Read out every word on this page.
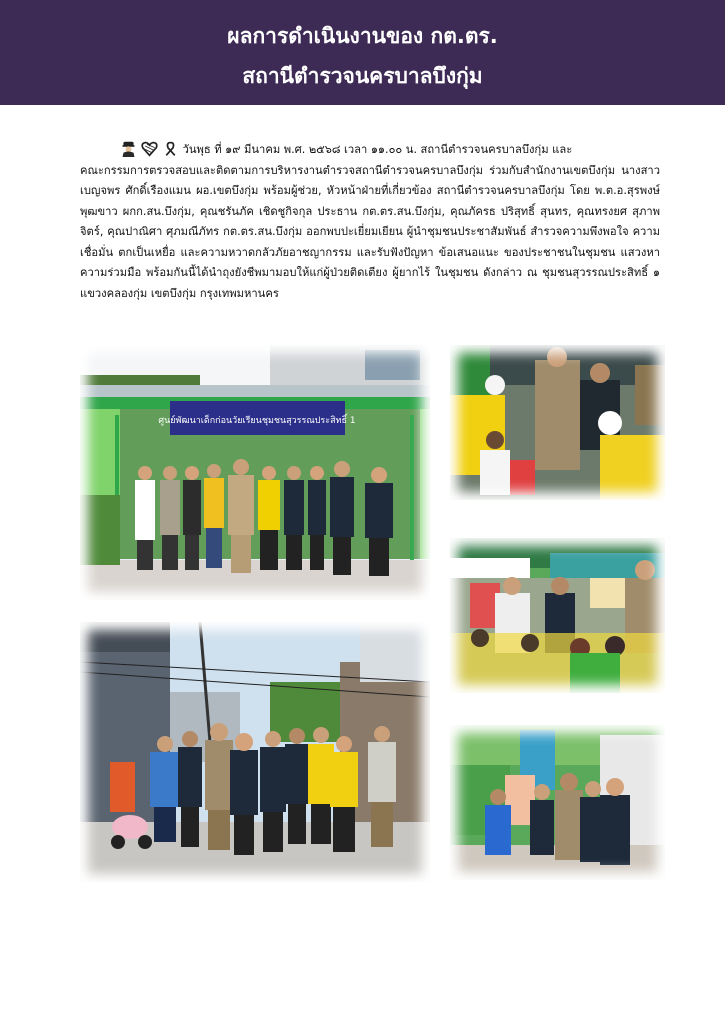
ผลการดำเนินงานของ กต.ตร.
สถานีตำรวจนครบาลบึงกุ่ม
วันพุธ ที่ ๑๙ มีนาคม พ.ศ. ๒๕๖๘ เวลา ๑๑.๐๐ น. สถานีตำรวจนครบาลบึงกุ่ม และ
คณะกรรมการตรวจสอบและติดตามการบริหารงานตำรวจสถานีตำรวจนครบาลบึงกุ่ม ร่วมกับสำนักงานเขตบึงกุ่ม นางสาวเบญจพร ศักดิ์เรืองแมน ผอ.เขตบึงกุ่ม พร้อมผู้ช่วย, หัวหน้าฝ่ายที่เกี่ยวข้อง สถานีตำรวจนครบาลบึงกุ่ม โดย พ.ต.อ.สุรพงษ์ พุฒขาว ผกก.สน.บึงกุ่ม, คุณชรันภัค เชิดชูกิจกุล ประธาน กต.ตร.สน.บึงกุ่ม, คุณภัครธ ปริสุทธิ์ สุนทร, คุณทรงยศ สุภาพจิตร์, คุณปาณิศา ศุภมณีภัทร กต.ตร.สน.บึงกุ่ม ออกพบปะเยี่ยมเยียน ผู้นำชุมชนประชาสัมพันธ์ สำรวจความพึงพอใจ ความเชื่อมั่น ตกเป็นเหยื่อ และความหวาดกลัวภัยอาชญากรรม และรับฟังปัญหา ข้อเสนอแนะ ของประชาชนในชุมชน แสวงหาความร่วมมือ พร้อมกันนี้ได้นำถุงยังชีพมามอบให้แก่ผู้ป่วยติดเตียง ผู้ยากไร้ ในชุมชน ดังกล่าว ณ ชุมชนสุวรรณประสิทธิ์ ๑ แขวงคลองกุ่ม เขตบึงกุ่ม กรุงเทพมหานคร
ศูนย์พัฒนาเด็กก่อนวัยเรียนชุมชนสุวรรณประสิทธิ์ 1
